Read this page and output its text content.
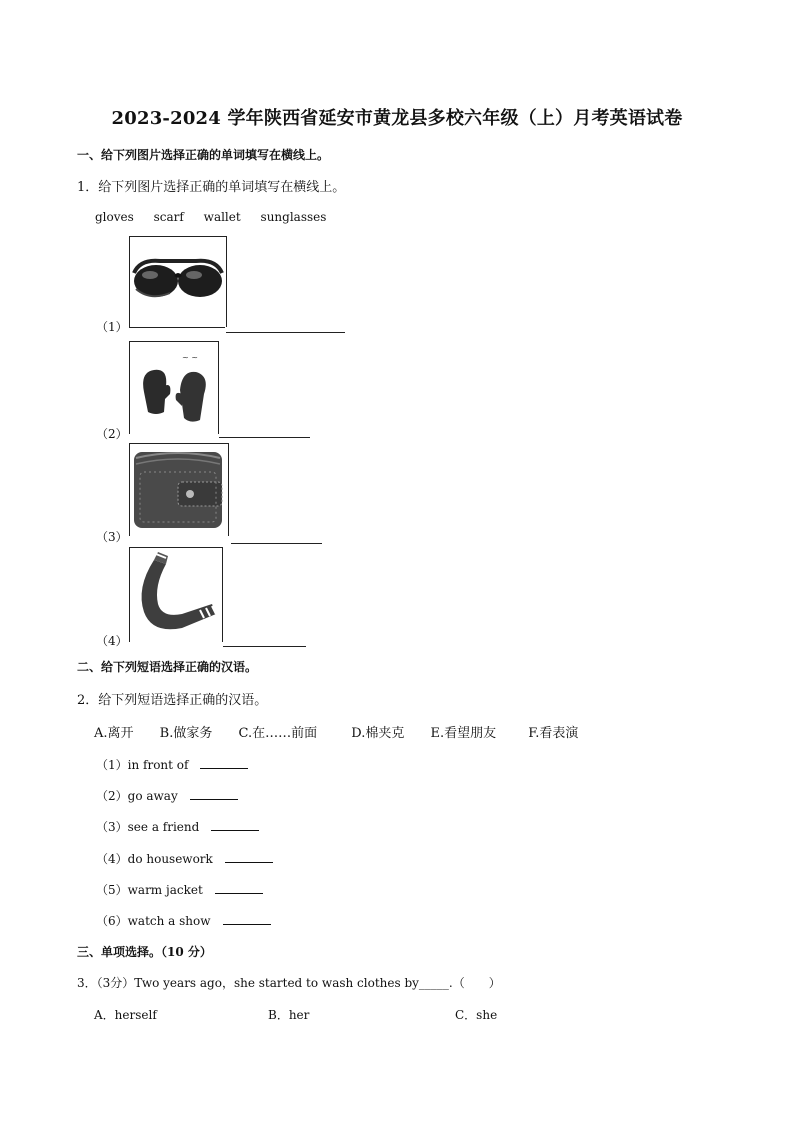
2023-2024 学年陕西省延安市黄龙县多校六年级（上）月考英语试卷
一、给下列图片选择正确的单词填写在横线上。
1．给下列图片选择正确的单词填写在横线上。
gloves scarf wallet sunglasses
（1）
~ ~
（2）
（3）
（4）
二、给下列短语选择正确的汉语。
2．给下列短语选择正确的汉语。
A.离开 B.做家务 C.在……前面	D.棉夹克 E.看望朋友 F.看表演
（1）in front of
（2）go away
（3）see a friend
（4）do housework
（5）warm jacket
（6）watch a show
三、单项选择。（10 分）
3．（3分）Two years ago，she started to wash clothes by_____.（　　）
A．herself	B．her	C．she
